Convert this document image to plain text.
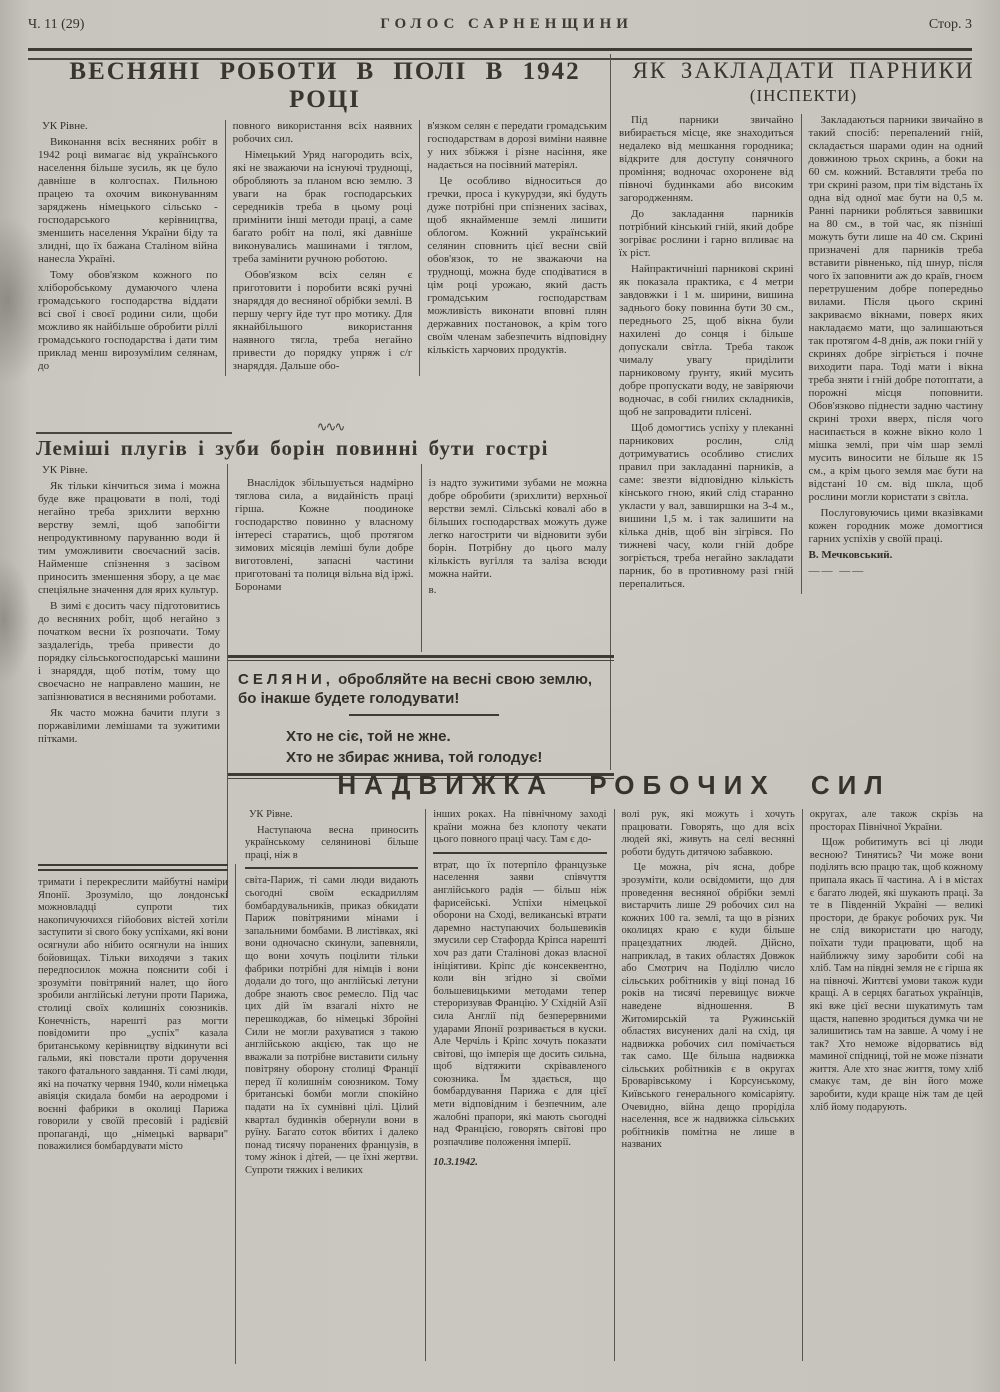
Ч. 11 (29)	ГОЛОС САРНЕНЩИНИ	Стор. 3
ВЕСНЯНІ РОБОТИ В ПОЛІ В 1942 РОЦІ

УК Рівне.

Виконання всіх весняних робіт в 1942 році вимагає від українського населення більше зусиль, як це було давніше в колгоспах. Пильною працею та охочим виконуванням заряджень німецького сільсько - господарського керівництва, зменшить населення України біду та злидні, що їх бажана Сталіном війна нанесла Україні.

Тому обов'язком кожного по хліборобському думаючого члена громадського господарства віддати всі свої і своєї родини сили, щоби можливо як найбільше обробити ріллі громадського господарства і дати тим приклад менш вирозумілим селянам, до

повного використання всіх наявних робочих сил.

Німецький Уряд нагородить всіх, які не зважаючи на існуючі труднощі, обробляють за планом всю землю. З уваги на брак господарських середників треба в цьому році примінити інші методи праці, а саме багато робіт на полі, які давніше виконувались машинами і тяглом, треба замінити ручною роботою.

Обов'язком всіх селян є приготовити і поробити всякі ручні знаряддя до весняної обрібки землі. В першу чергу йде тут про мотику. Для якнайбільшого використання наявного тягла, треба негайно привести до порядку упряж і с/г знаряддя. Дальше обо-

в'язком селян є передати громадським господарствам в дорозі виміни наявне у них збіжжя і різне насіння, яке надається на посівний матеріял.

Це особливо відноситься до гречки, проса і кукурудзи, які будуть дуже потрібні при спізнених засівах, щоб якнайменше землі лишити облогом. Кожний український селянин сповнить цієї весни свій обов'язок, то не зважаючи на труднощі, можна буде сподіватися в цім році урожаю, який дасть громадським господарствам можливість виконати вповні плян державних постановок, а крім того своїм членам забезпечить відповідну кількість харчових продуктів.

∿∿∿
ЯК ЗАКЛАДАТИ ПАРНИКИ
(ІНСПЕКТИ)

Під парники звичайно вибирається місце, яке знаходиться недалеко від мешкання городника; відкрите для доступу сонячного проміння; водночас охоронене від півночі будинками або високим загородженням.

До закладання парників потрібний кінський гній, який добре зогріває рослини і гарно впливає на їх ріст.

Найпрактичніші парникові скрині як показала практика, є 4 метри завдовжки і 1 м. ширини, вишина заднього боку повинна бути 30 см., переднього 25, щоб вікна були нахилені до сонця і більше допускали світла. Треба також чималу увагу приділити парниковому ґрунту, який мусить добре пропускати воду, не завіряючи водночас, в собі гнилих складників, щоб не запровадити плісені.

Щоб домогтись успіху у плеканні парникових рослин, слід дотримуватись особливо стислих правил при закладанні парників, а саме: звезти відповідню кількість кінського гною, який слід старанно укласти у вал, завширшки на 3-4 м., вишини 1,5 м. і так залишити на кілька днів, щоб він зігрівся. По тижневі часу, коли гній добре зогріється, треба негайно закладати парник, бо в противному разі гній перепалиться.

Закладаються парники звичайно в такий спосіб: перепалений гній, складається шарами один на одний довжиною трьох скринь, а боки на 60 см. кожний. Вставляти треба по три скрині разом, при тім відстань їх одна від одної має бути на 0,5 м. Ранні парники робляться заввишки на 80 см., в той час, як пізніші можуть бути лише на 40 см. Скрині призначені для парників треба вставити рівненько, під шнур, після чого їх заповнити аж до країв, гноєм перетрушеним добре попередньо вилами. Після цього скрині закриваємо вікнами, поверх яких накладаємо мати, що залишаються так протягом 4-8 днів, аж поки гній у скринях добре зігріється і почне виходити пара. Тоді мати і вікна треба зняти і гній добре потоптати, а порожні місця поповнити. Обов'язково піднести задню частину скрині трохи вверх, після чого насипається в кожне вікно коло 1 мішка землі, при чім шар землі мусить виносити не більше як 15 см., а крім цього земля має бути на відстані 10 см. від шкла, щоб рослини могли користати з світла.

Послуговуючись цими вказівками кожен городник може домогтися гарних успіхів у своїй праці.

В. Мечковський.

—— ——

Леміші плугів і зуби борін повинні бути гострі

УК Рівне.

Як тільки кінчиться зима і можна буде вже працювати в полі, тоді негайно треба зрихлити верхню верству землі, щоб запобігти непродуктивному паруванню води й тим уможливити своєчасний засів. Найменше спізнення з засівом приносить зменшення збору, а це має спеціяльне значення для ярих культур.

В зимі є досить часу підготовитись до весняних робіт, щоб негайно з початком весни їх розпочати. Тому заздалегідь, треба привести до порядку сільськогосподарські машини і знаряддя, щоб потім, тому що своєчасно не направлено машин, не запізнюватися в весняними роботами.

Як часто можна бачити плуги з поржавілими лемішами та зужитими пітками.

Внаслідок збільшується надмірно тяглова сила, а видайність праці гірша. Кожне поодиноке господарство повинно у власному інтересі старатись, щоб протягом зимових місяців леміші були добре виготовлені, запасні частини приготовані та полиця вільна від іржі. Боронами

із надто зужитими зубами не можна добре обробити (зрихлити) верхньої верстви землі. Сільські ковалі або в більших господарствах можуть дуже легко нагострити чи відновити зуби борін. Потрібну до цього малу кількість вугілля та заліза всюди можна найти.

в.

СЕЛЯНИ, обробляйте на весні свою землю, бо інакше будете голодувати!

Хто не сіє, той не жне.

Хто не збирає жнива, той голодує!

тримати і перекреслити майбутні наміри Японії. Зрозуміло, що лондонські можновладці супроти тих накопичуючихся гійобових вістей хотіли заступити зі свого боку успіхами, які вони осягнули або нібито осягнули на інших бойовищах. Тільки виходячи з таких передпосилок можна пояснити собі і зрозуміти повітряний налет, що його зробили англійські летуни проти Парижа, столиці своїх колишніх союзників. Конечність, нарешті раз могти повідомити про „успіх" казала британському керівництву відкинути всі гальми, які повстали проти доручення такого фатального завдання. Ті самі люди, які на початку червня 1940, коли німецька авіяція скидала бомби на аеродроми і воєнні фабрики в околиці Парижа говорили у своїй пресовій і радієвій пропаганді, що „німецькі варвари" поважилися бомбардувати місто

НАДВИЖКА РОБОЧИХ СИЛ

УК Рівне.

Наступаюча весна приносить українському селянинові більше праці, ніж в

світа-Париж, ті сами люди видають сьогодні своїм ескадриллям бомбардувальників, приказ обкидати Париж повітряними мінами і запальними бомбами. В листівках, які вони одночасно скинули, запевняли, що вони хочуть поцілити тільки фабрики потрібні для німців і вони додали до того, що англійські летуни добре знають своє ремесло. Під час цих дій їм взагалі ніхто не перешкоджав, бо німецькі Збройні Сили не могли рахуватися з такою англійською акцією, так що не вважали за потрібне виставити сильну повітряну оборону столиці Франції перед її колишнім союзником. Тому британські бомби могли спокійно падати на їх сумнівні цілі. Цілий квартал будинків обернули вони в руїну. Багато соток вбитих і далеко понад тисячу поранених французів, в тому жінок і дітей, — це їхні жертви. Супроти тяжких і великих

інших роках. На північному заході країни можна без клопоту чекати цього повного праці часу. Там є до-

втрат, що їх потерпіло французьке населення заяви співчуття англійського радія — більш ніж фарисейські. Успіхи німецької оборони на Сході, великанські втрати даремно наступаючих большевиків змусили сер Стафорда Кріпса нарешті хоч раз дати Сталінові доказ власної ініціятиви. Кріпс діє консеквентно, коли він згідно зі своїми большевицькими методами тепер стероризував Францію. У Східній Азії сила Англії під безперервними ударами Японії розривається в куски. Але Черчіль і Кріпс хочуть показати світові, що імперія ще досить сильна, щоб відтяжити скрівавленого союзника. Їм здається, що бомбардування Парижа є для цієї мети відповідним і безпечним, але жалобні прапори, які мають сьогодні над Францією, говорять світові про розпачливе положення імперії.

10.3.1942.

волі рук, які можуть і хочуть працювати. Говорять, що для всіх людей які, живуть на селі весняні роботи будуть дитячою забавкою.

Це можна, річ ясна, добре зрозуміти, коли освідомити, що для проведення весняної обрібки землі вистарчить лише 29 робочих сил на кожних 100 га. землі, та що в різних околицях краю є куди більше працездатних людей. Дійсно, наприклад, в таких областях Довжок або Смотрич на Поділлю число сільських робітників у віці понад 16 років на тисячі перевищує вижче наведене відношення. В Житомирській та Ружинській областях висунених далі на схід, ця надвижка робочих сил помічається так само. Ще більша надвижка сільських робітників є в округах Броварівському і Корсунському, Київського генерального комісаріяту. Очевидно, війна дещо проріділа населення, все ж надвижка сільських робітників помітна не лише в названих

округах, але також скрізь на просторах Північної України.

Щож робитимуть всі ці люди весною? Тинятись? Чи може вони поділять всю працю так, щоб кожному припала якась її частина. А і в містах є багато людей, які шукають праці. За те в Південній Україні — великі простори, де бракує робочих рук. Чи не слід використати цю нагоду, поїхати туди працювати, щоб на найближчу зиму заробити собі на хліб. Там на півдні земля не є гірша як на півночі. Життєві умови також куди кращі. А в серцях багатьох українців, які вже цієї весни шукатимуть там щастя, напевно зродиться думка чи не залишитись там на завше. А чому і не так? Хто неможе відорватись від маминої спідниці, той не може пізнати життя. Але хто знає життя, тому хліб смакує там, де він його може заробити, куди краще ніж там де цей хліб йому подарують.
